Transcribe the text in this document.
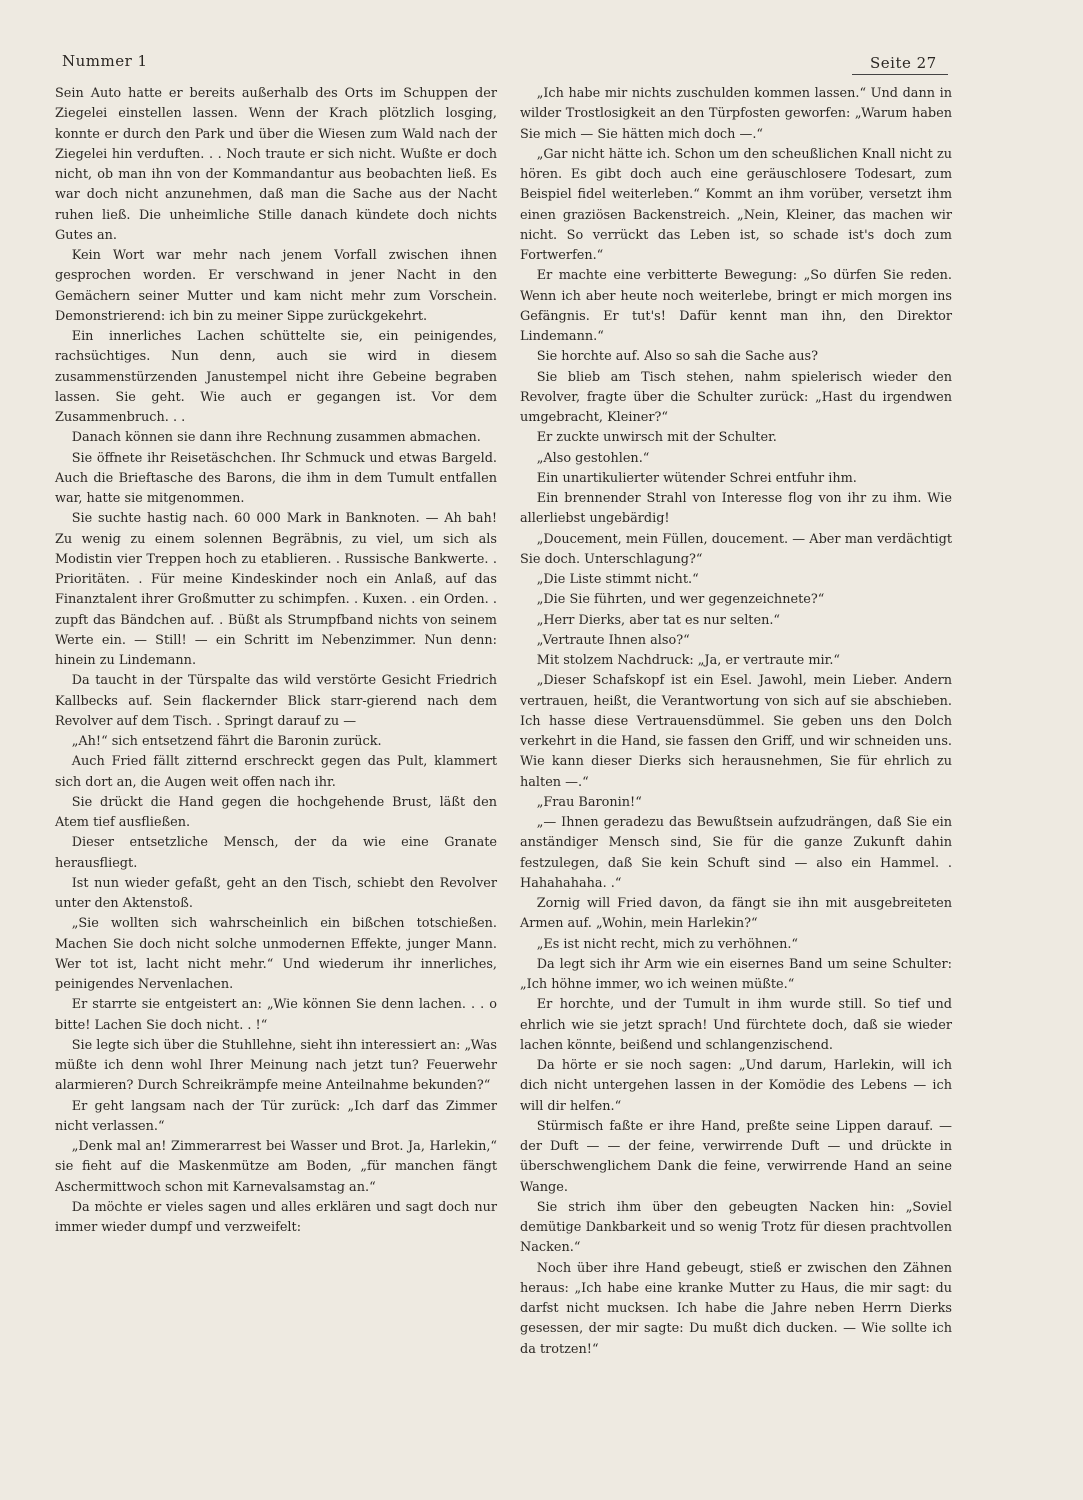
Nummer 1	Seite 27

Sein Auto hatte er bereits außerhalb des Orts im Schuppen der Ziegelei einstellen lassen. Wenn der Krach plötzlich losging, konnte er durch den Park und über die Wiesen zum Wald nach der Ziegelei hin verduften. . . Noch traute er sich nicht. Wußte er doch nicht, ob man ihn von der Kommandantur aus beobachten ließ. Es war doch nicht anzunehmen, daß man die Sache aus der Nacht ruhen ließ. Die unheimliche Stille danach kündete doch nichts Gutes an.

Kein Wort war mehr nach jenem Vorfall zwischen ihnen gesprochen worden. Er verschwand in jener Nacht in den Gemächern seiner Mutter und kam nicht mehr zum Vorschein. Demonstrierend: ich bin zu meiner Sippe zurückgekehrt.

Ein innerliches Lachen schüttelte sie, ein peinigendes, rachsüchtiges. Nun denn, auch sie wird in diesem zusammenstürzenden Janustempel nicht ihre Gebeine begraben lassen. Sie geht. Wie auch er gegangen ist. Vor dem Zusammenbruch. . .

Danach können sie dann ihre Rechnung zusammen abmachen.

Sie öffnete ihr Reisetäschchen. Ihr Schmuck und etwas Bargeld. Auch die Brieftasche des Barons, die ihm in dem Tumult entfallen war, hatte sie mitgenommen.

Sie suchte hastig nach. 60 000 Mark in Banknoten. — Ah bah! Zu wenig zu einem solennen Begräbnis, zu viel, um sich als Modistin vier Treppen hoch zu etablieren. . Russische Bankwerte. . Prioritäten. . Für meine Kindeskinder noch ein Anlaß, auf das Finanztalent ihrer Großmutter zu schimpfen. . Kuxen. . ein Orden. . zupft das Bändchen auf. . Büßt als Strumpfband nichts von seinem Werte ein. — Still! — ein Schritt im Nebenzimmer. Nun denn: hinein zu Lindemann.

Da taucht in der Türspalte das wild verstörte Gesicht Friedrich Kallbecks auf. Sein flackernder Blick starr-gierend nach dem Revolver auf dem Tisch. . Springt darauf zu —

„Ah!“ sich entsetzend fährt die Baronin zurück.

Auch Fried fällt zitternd erschreckt gegen das Pult, klammert sich dort an, die Augen weit offen nach ihr.

Sie drückt die Hand gegen die hochgehende Brust, läßt den Atem tief ausfließen.

Dieser entsetzliche Mensch, der da wie eine Granate herausfliegt.

Ist nun wieder gefaßt, geht an den Tisch, schiebt den Revolver unter den Aktenstoß.

„Sie wollten sich wahrscheinlich ein bißchen totschießen. Machen Sie doch nicht solche unmodernen Effekte, junger Mann. Wer tot ist, lacht nicht mehr.“ Und wiederum ihr innerliches, peinigendes Nervenlachen.

Er starrte sie entgeistert an: „Wie können Sie denn lachen. . . o bitte! Lachen Sie doch nicht. . !“

Sie legte sich über die Stuhllehne, sieht ihn interessiert an: „Was müßte ich denn wohl Ihrer Meinung nach jetzt tun? Feuerwehr alarmieren? Durch Schreikrämpfe meine Anteilnahme bekunden?“

Er geht langsam nach der Tür zurück: „Ich darf das Zimmer nicht verlassen.“

„Denk mal an! Zimmerarrest bei Wasser und Brot. Ja, Harlekin,“ sie fieht auf die Maskenmütze am Boden, „für manchen fängt Aschermittwoch schon mit Karnevalsamstag an.“

Da möchte er vieles sagen und alles erklären und sagt doch nur immer wieder dumpf und verzweifelt:

„Ich habe mir nichts zuschulden kommen lassen.“ Und dann in wilder Trostlosigkeit an den Türpfosten geworfen: „Warum haben Sie mich — Sie hätten mich doch —.“

„Gar nicht hätte ich. Schon um den scheußlichen Knall nicht zu hören. Es gibt doch auch eine geräuschlosere Todesart, zum Beispiel fidel weiterleben.“ Kommt an ihm vorüber, versetzt ihm einen graziösen Backenstreich. „Nein, Kleiner, das machen wir nicht. So verrückt das Leben ist, so schade ist's doch zum Fortwerfen.“

Er machte eine verbitterte Bewegung: „So dürfen Sie reden. Wenn ich aber heute noch weiterlebe, bringt er mich morgen ins Gefängnis. Er tut's! Dafür kennt man ihn, den Direktor Lindemann.“

Sie horchte auf. Also so sah die Sache aus?

Sie blieb am Tisch stehen, nahm spielerisch wieder den Revolver, fragte über die Schulter zurück: „Hast du irgendwen umgebracht, Kleiner?“

Er zuckte unwirsch mit der Schulter.

„Also gestohlen.“

Ein unartikulierter wütender Schrei entfuhr ihm.

Ein brennender Strahl von Interesse flog von ihr zu ihm. Wie allerliebst ungebärdig!

„Doucement, mein Füllen, doucement. — Aber man verdächtigt Sie doch. Unterschlagung?“

„Die Liste stimmt nicht.“

„Die Sie führten, und wer gegenzeichnete?“

„Herr Dierks, aber tat es nur selten.“

„Vertraute Ihnen also?“

Mit stolzem Nachdruck: „Ja, er vertraute mir.“

„Dieser Schafskopf ist ein Esel. Jawohl, mein Lieber. Andern vertrauen, heißt, die Verantwortung von sich auf sie abschieben. Ich hasse diese Vertrauensdümmel. Sie geben uns den Dolch verkehrt in die Hand, sie fassen den Griff, und wir schneiden uns. Wie kann dieser Dierks sich herausnehmen, Sie für ehrlich zu halten —.“

„Frau Baronin!“

„— Ihnen geradezu das Bewußtsein aufzudrängen, daß Sie ein anständiger Mensch sind, Sie für die ganze Zukunft dahin festzulegen, daß Sie kein Schuft sind — also ein Hammel. . Hahahahaha. .“

Zornig will Fried davon, da fängt sie ihn mit ausgebreiteten Armen auf. „Wohin, mein Harlekin?“

„Es ist nicht recht, mich zu verhöhnen.“

Da legt sich ihr Arm wie ein eisernes Band um seine Schulter: „Ich höhne immer, wo ich weinen müßte.“

Er horchte, und der Tumult in ihm wurde still. So tief und ehrlich wie sie jetzt sprach! Und fürchtete doch, daß sie wieder lachen könnte, beißend und schlangenzischend.

Da hörte er sie noch sagen: „Und darum, Harlekin, will ich dich nicht untergehen lassen in der Komödie des Lebens — ich will dir helfen.“

Stürmisch faßte er ihre Hand, preßte seine Lippen darauf. — der Duft — — der feine, verwirrende Duft — und drückte in überschwenglichem Dank die feine, verwirrende Hand an seine Wange.

Sie strich ihm über den gebeugten Nacken hin: „Soviel demütige Dankbarkeit und so wenig Trotz für diesen prachtvollen Nacken.“

Noch über ihre Hand gebeugt, stieß er zwischen den Zähnen heraus: „Ich habe eine kranke Mutter zu Haus, die mir sagt: du darfst nicht mucksen. Ich habe die Jahre neben Herrn Dierks gesessen, der mir sagte: Du mußt dich ducken. — Wie sollte ich da trotzen!“
